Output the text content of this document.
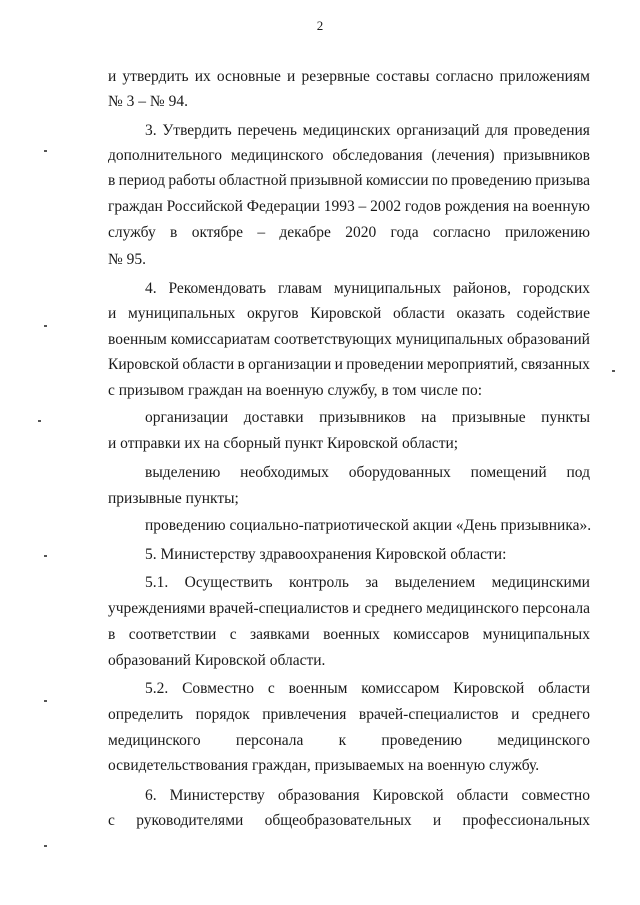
2
и утвердить их основные и резервные составы согласно приложениям
№ 3 – № 94.
3. Утвердить перечень медицинских организаций для проведения
дополнительного медицинского обследования (лечения) призывников
в период работы областной призывной комиссии по проведению призыва
граждан Российской Федерации 1993 – 2002 годов рождения на военную
службу в октябре – декабре 2020 года согласно приложению
№ 95.
4. Рекомендовать главам муниципальных районов, городских
и муниципальных округов Кировской области оказать содействие
военным комиссариатам соответствующих муниципальных образований
Кировской области в организации и проведении мероприятий, связанных
с призывом граждан на военную службу, в том числе по:
организации доставки призывников на призывные пункты
и отправки их на сборный пункт Кировской области;
выделению необходимых оборудованных помещений под
призывные пункты;
проведению социально-патриотической акции «День призывника».
5. Министерству здравоохранения Кировской области:
5.1. Осуществить контроль за выделением медицинскими
учреждениями врачей-специалистов и среднего медицинского персонала
в соответствии с заявками военных комиссаров муниципальных
образований Кировской области.
5.2. Совместно с военным комиссаром Кировской области
определить порядок привлечения врачей-специалистов и среднего
медицинского персонала к проведению медицинского
освидетельствования граждан, призываемых на военную службу.
6. Министерству образования Кировской области совместно
с руководителями общеобразовательных и профессиональных
